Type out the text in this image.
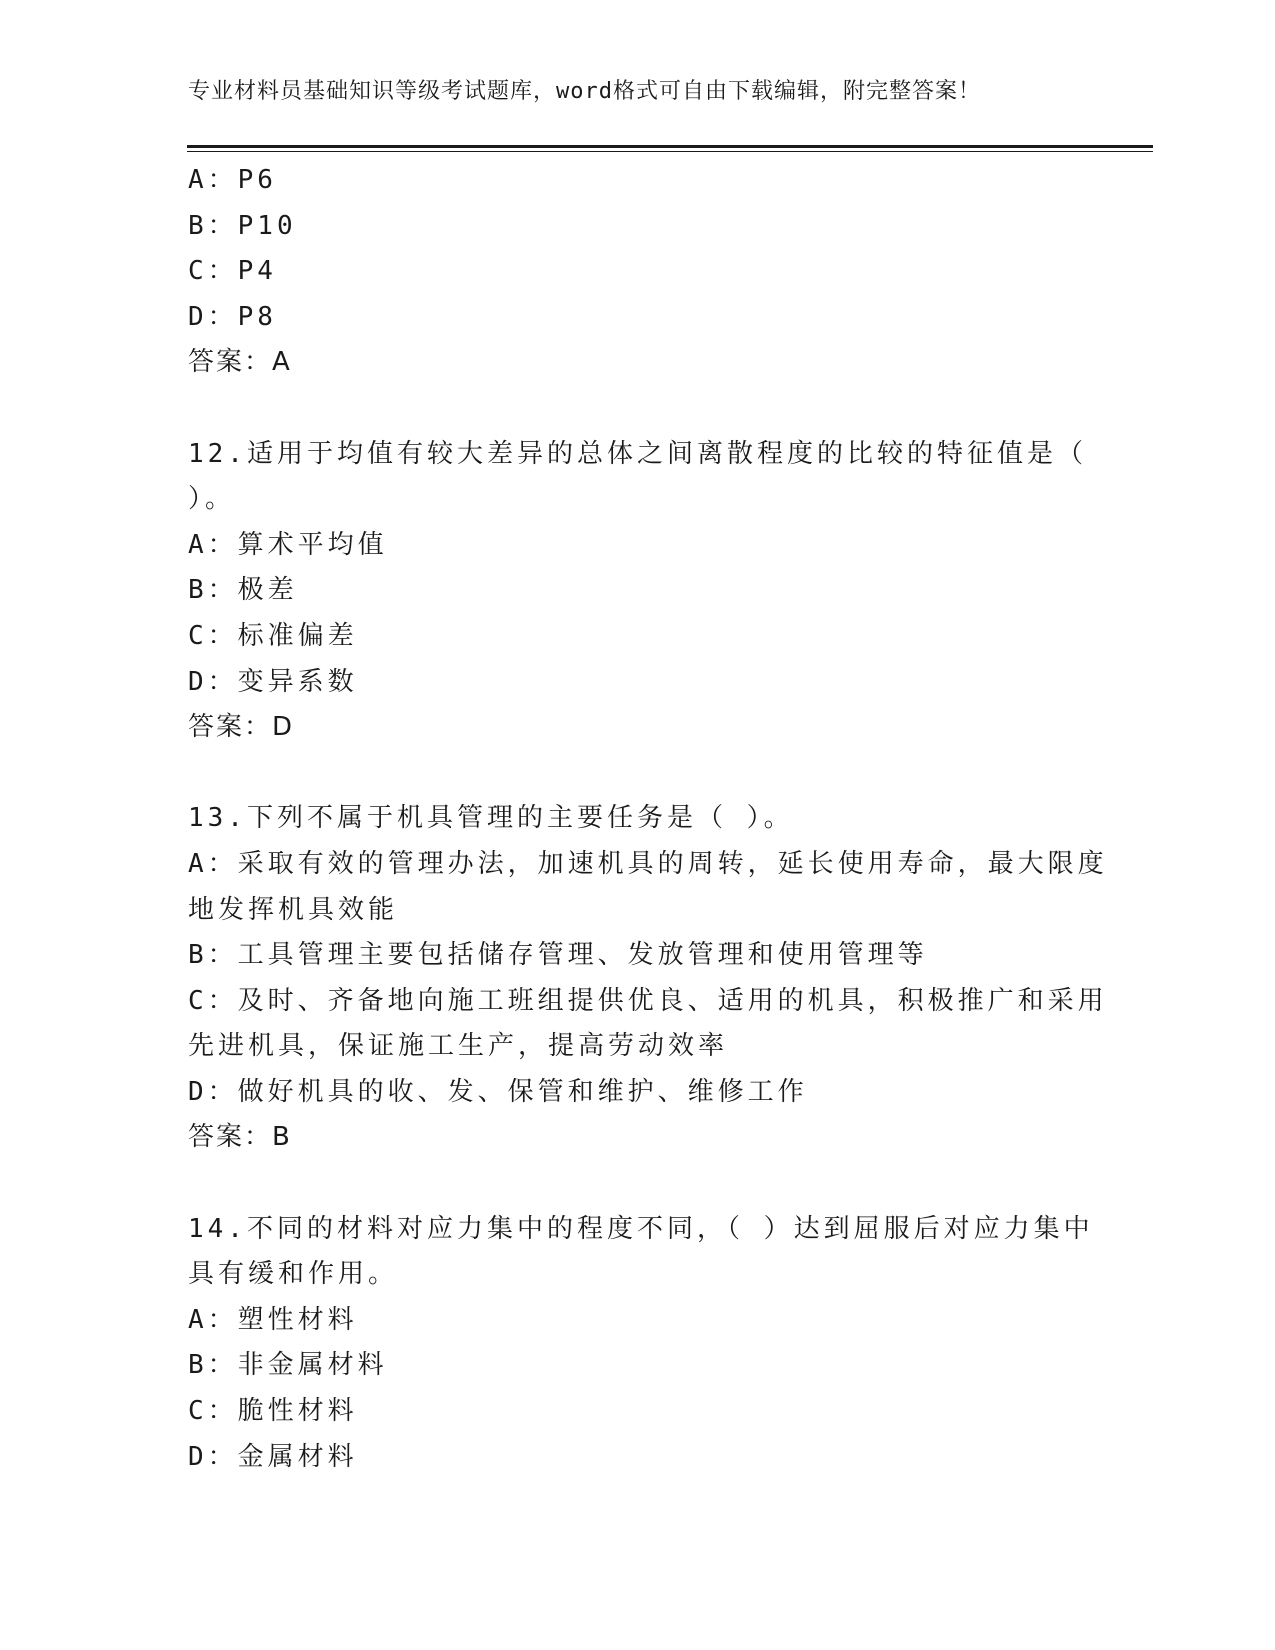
专业材料员基础知识等级考试题库，word格式可自由下载编辑，附完整答案！
A：P6
B：P10
C：P4
D：P8
答案：A
12.适用于均值有较大差异的总体之间离散程度的比较的特征值是（
）。
A：算术平均值
B：极差
C：标准偏差
D：变异系数
答案：D
13.下列不属于机具管理的主要任务是（ ）。
A：采取有效的管理办法，加速机具的周转，延长使用寿命，最大限度
地发挥机具效能
B：工具管理主要包括储存管理、发放管理和使用管理等
C：及时、齐备地向施工班组提供优良、适用的机具，积极推广和采用
先进机具，保证施工生产，提高劳动效率
D：做好机具的收、发、保管和维护、维修工作
答案：B
14.不同的材料对应力集中的程度不同，（ ）达到屈服后对应力集中
具有缓和作用。
A：塑性材料
B：非金属材料
C：脆性材料
D：金属材料
